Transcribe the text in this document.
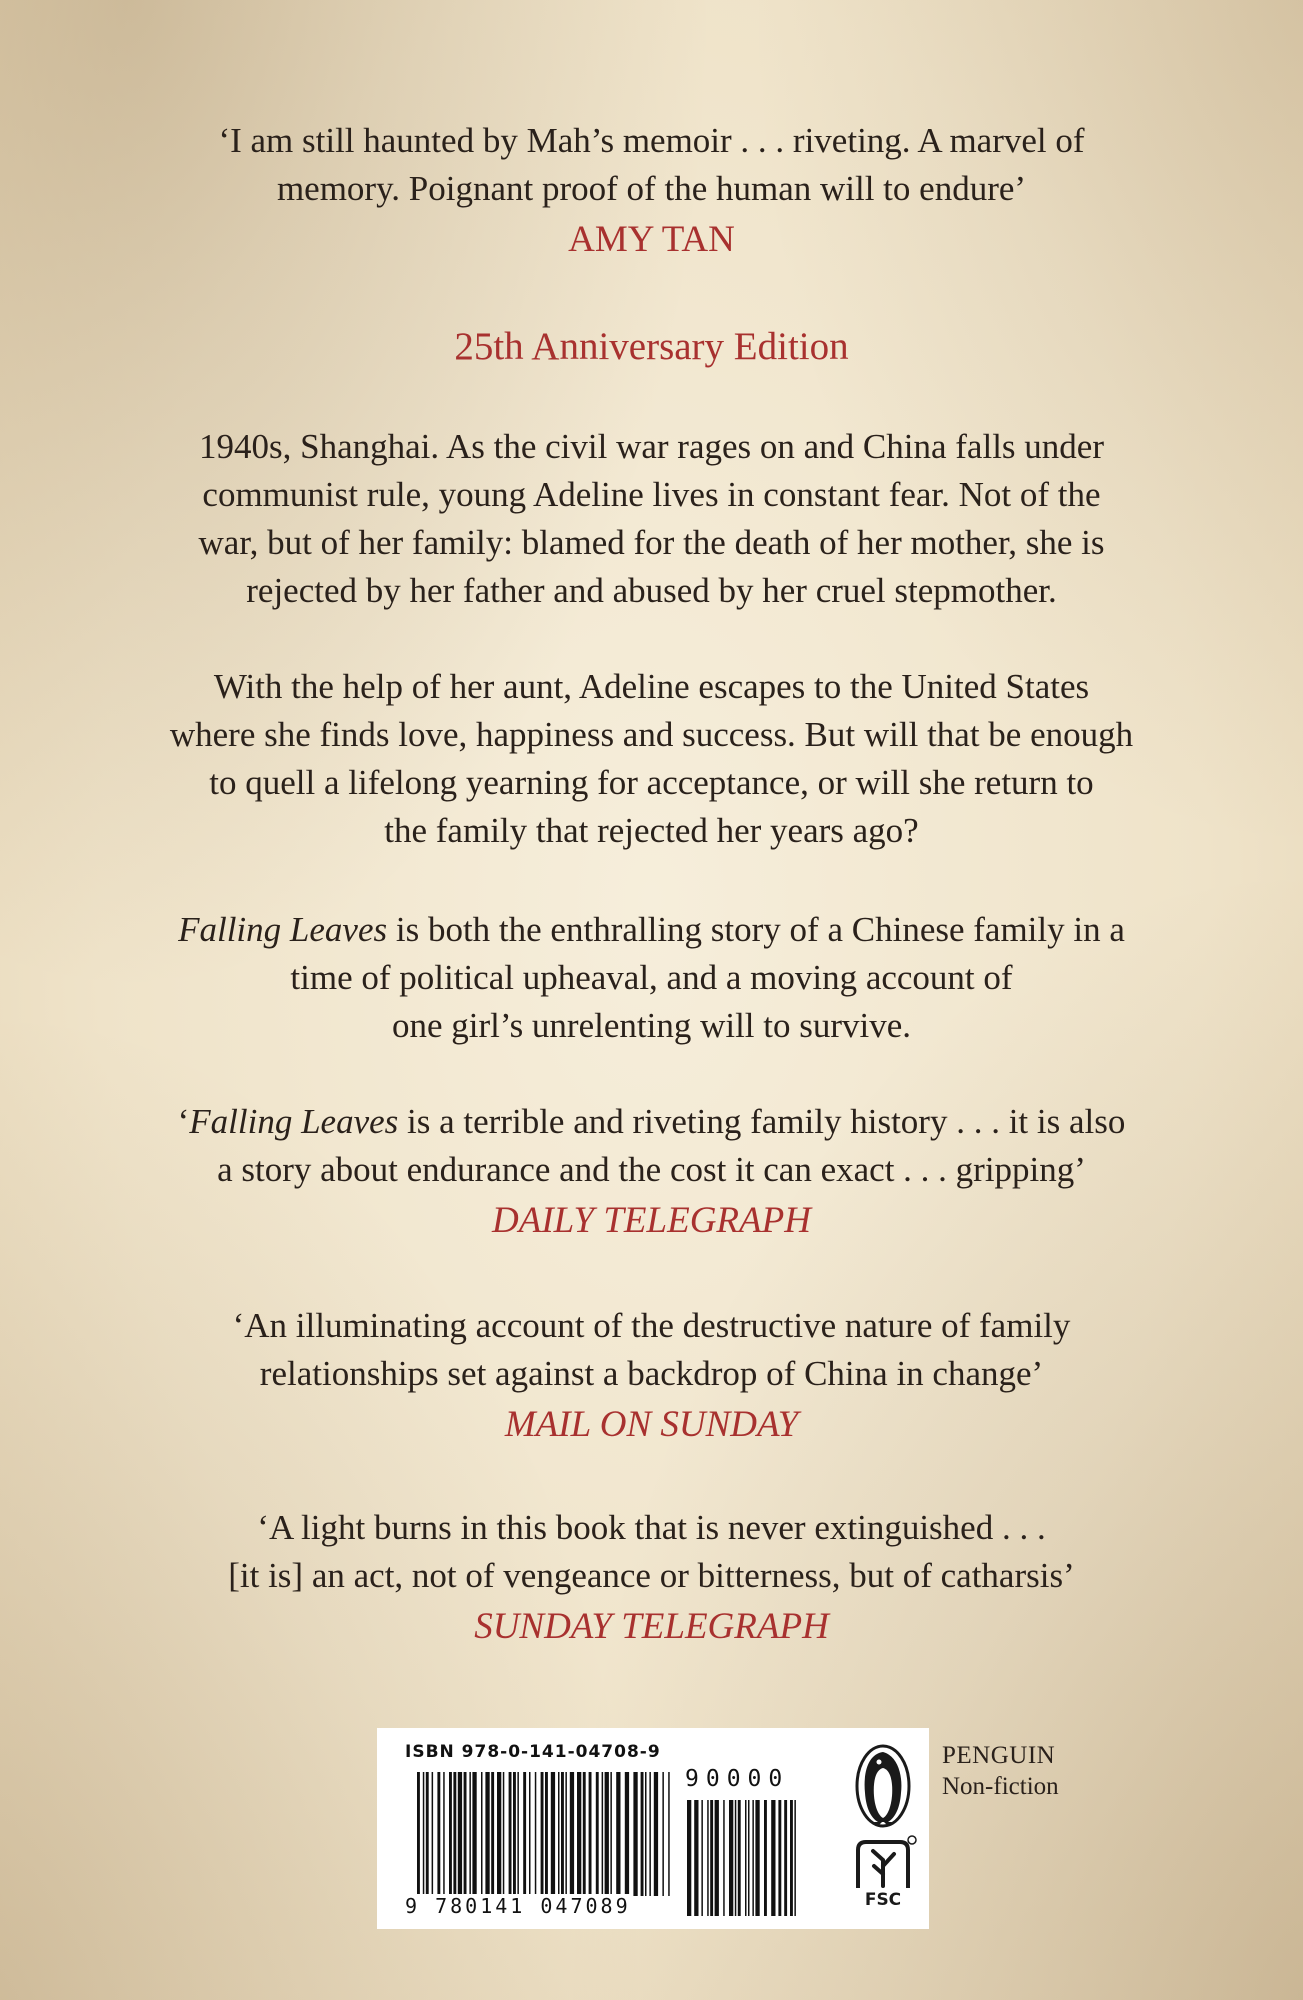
‘I am still haunted by Mah’s memoir . . . riveting. A marvel of
memory. Poignant proof of the human will to endure’
AMY TAN
25th Anniversary Edition
1940s, Shanghai. As the civil war rages on and China falls under
communist rule, young Adeline lives in constant fear. Not of the
war, but of her family: blamed for the death of her mother, she is
rejected by her father and abused by her cruel stepmother.
With the help of her aunt, Adeline escapes to the United States
where she finds love, happiness and success. But will that be enough
to quell a lifelong yearning for acceptance, or will she return to
the family that rejected her years ago?
Falling Leaves is both the enthralling story of a Chinese family in a
time of political upheaval, and a moving account of
one girl’s unrelenting will to survive.
‘Falling Leaves is a terrible and riveting family history . . . it is also
a story about endurance and the cost it can exact . . . gripping’
DAILY TELEGRAPH
‘An illuminating account of the destructive nature of family
relationships set against a backdrop of China in change’
MAIL ON SUNDAY
‘A light burns in this book that is never extinguished . . .
[it is] an act, not of vengeance or bitterness, but of catharsis’
SUNDAY TELEGRAPH
ISBN 978-0-141-04708-9
90000
9 780141 047089	FSC
PENGUIN
Non-fiction
